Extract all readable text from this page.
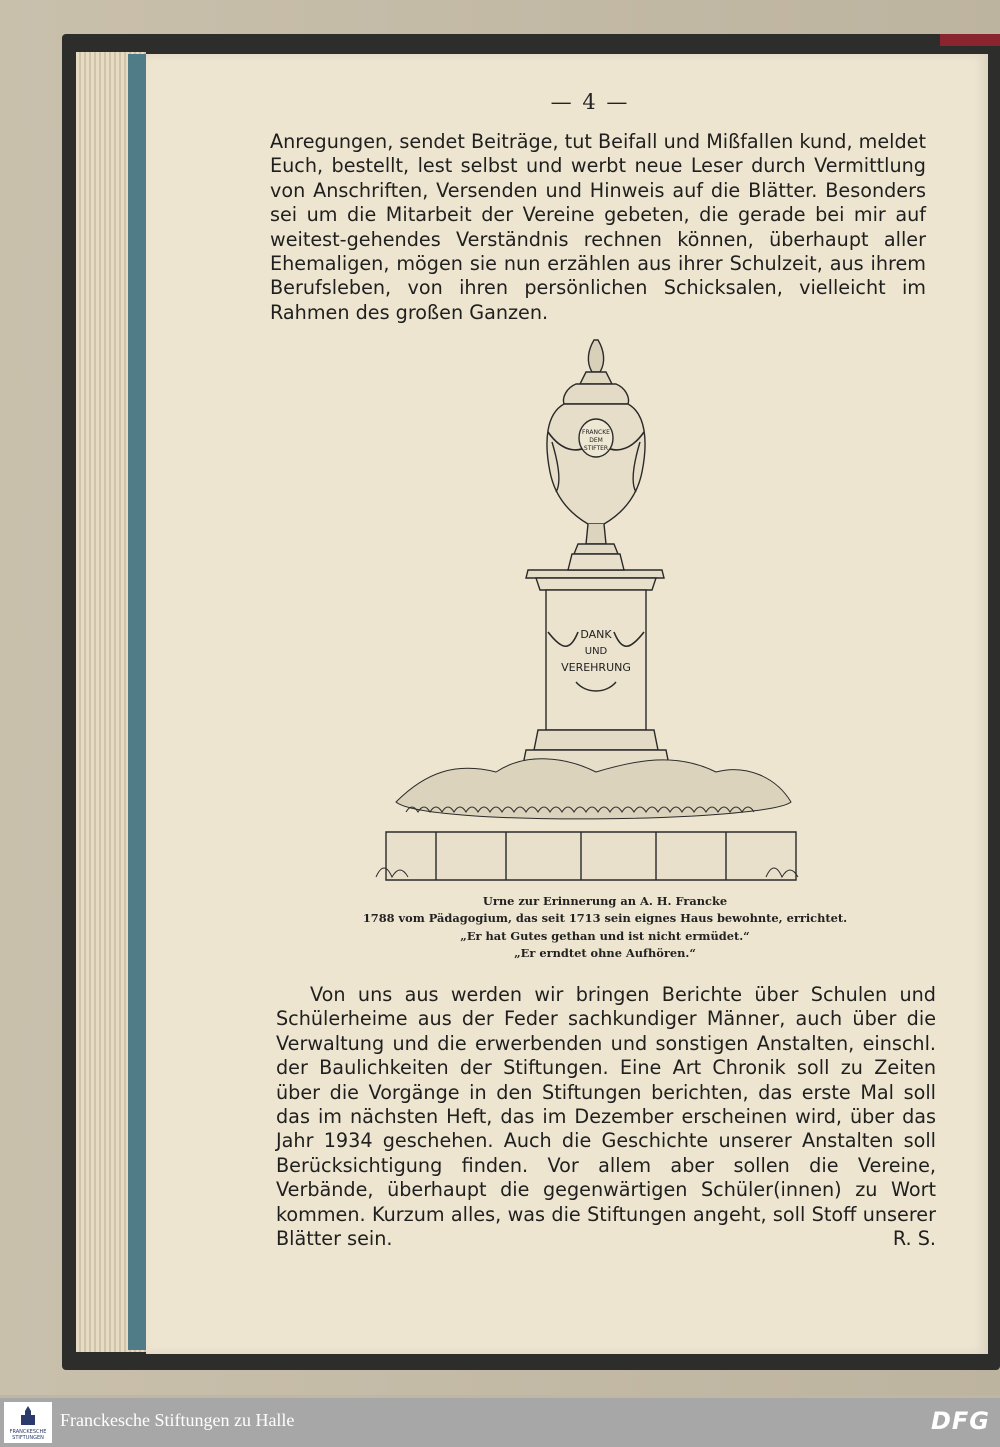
— 4 —
Anregungen, sendet Beiträge, tut Beifall und Mißfallen kund, meldet Euch, bestellt, lest selbst und werbt neue Leser durch Vermittlung von Anschriften, Versenden und Hinweis auf die Blätter. Besonders sei um die Mitarbeit der Vereine gebeten, die gerade bei mir auf weitest-gehendes Verständnis rechnen können, überhaupt aller Ehemaligen, mögen sie nun erzählen aus ihrer Schulzeit, aus ihrem Berufsleben, von ihren persönlichen Schicksalen, vielleicht im Rahmen des großen Ganzen.
FRANCKE
DEM
STIFTER
DANK
UND
VEREHRUNG
Urne zur Erinnerung an A. H. Francke
1788 vom Pädagogium, das seit 1713 sein eignes Haus bewohnte, errichtet.
„Er hat Gutes gethan und ist nicht ermüdet.“
„Er erndtet ohne Aufhören.“
Von uns aus werden wir bringen Berichte über Schulen und Schülerheime aus der Feder sachkundiger Männer, auch über die Verwaltung und die erwerbenden und sonstigen Anstalten, einschl. der Baulichkeiten der Stiftungen. Eine Art Chronik soll zu Zeiten über die Vorgänge in den Stiftungen berichten, das erste Mal soll das im nächsten Heft, das im Dezember erscheinen wird, über das Jahr 1934 geschehen. Auch die Geschichte unserer Anstalten soll Berücksichtigung finden. Vor allem aber sollen die Vereine, Verbände, überhaupt die gegenwärtigen Schüler(innen) zu Wort kommen. Kurzum alles, was die Stiftungen angeht, soll Stoff unserer Blätter sein.	R. S.
FRANCKESCHE
STIFTUNGEN
Franckesche Stiftungen zu Halle	DFG
